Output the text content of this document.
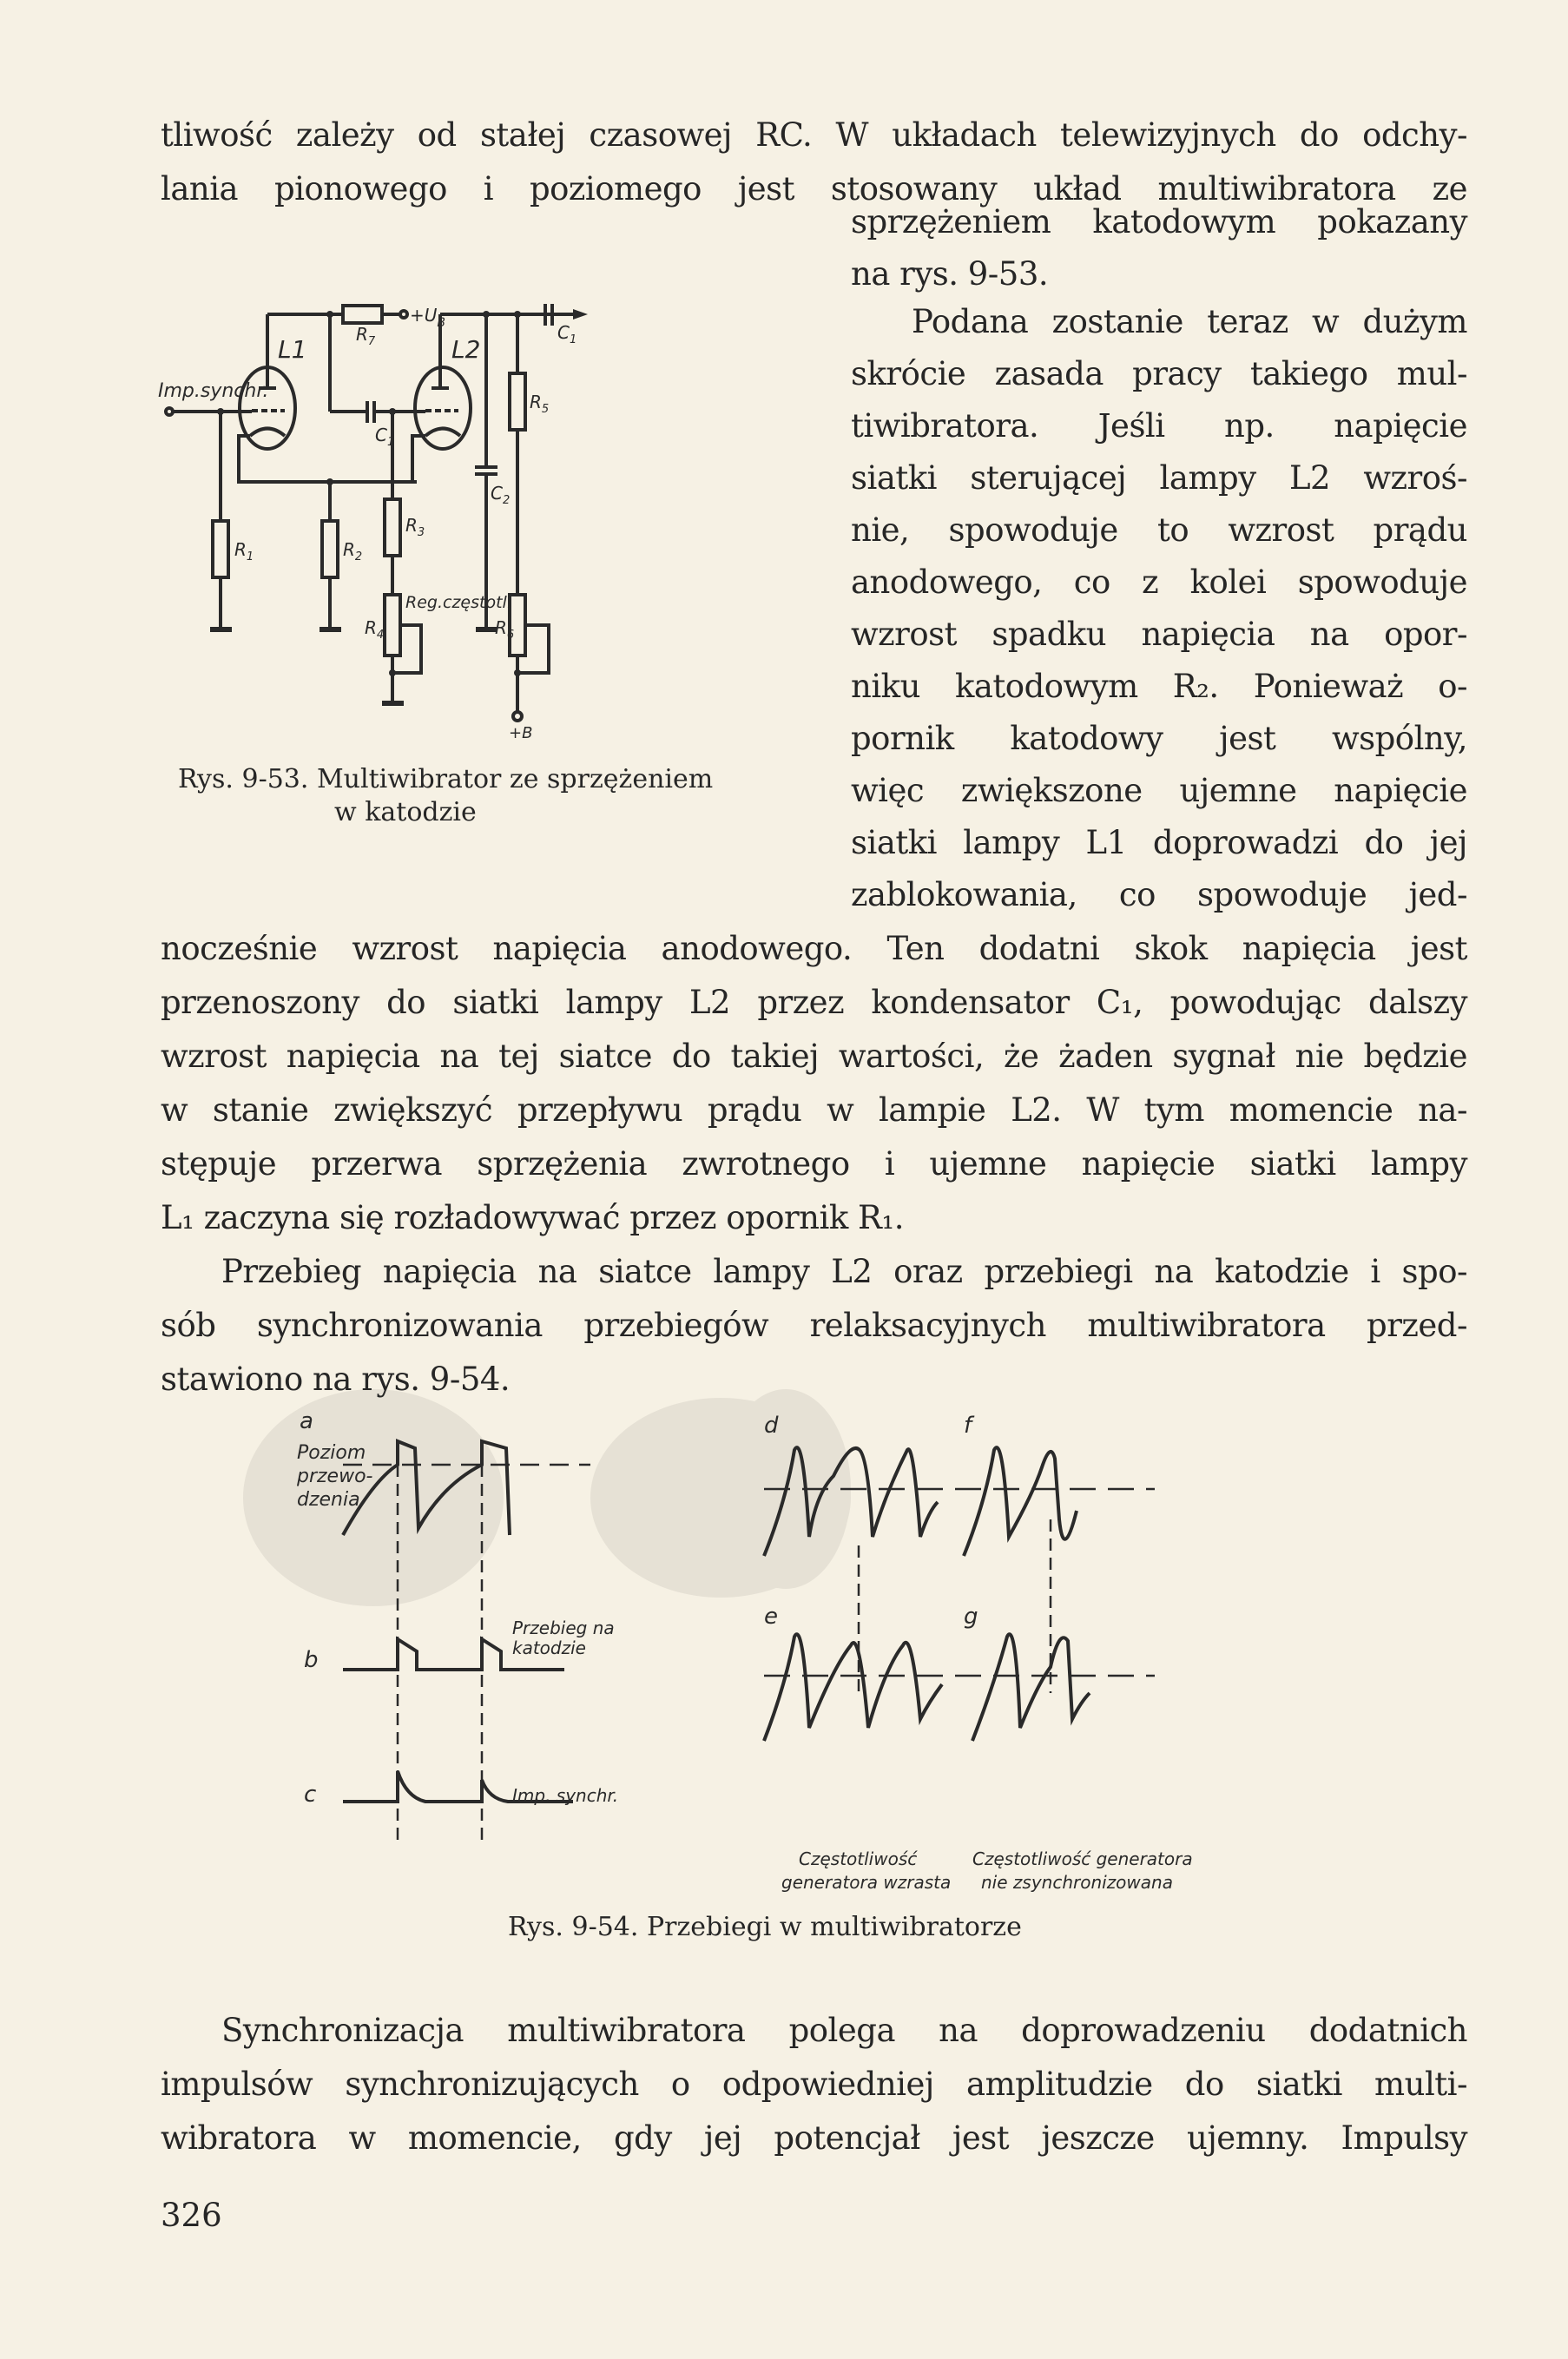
tliwość zależy od stałej czasowej RC. W układach telewizyjnych do odchy-
lania pionowego i poziomego jest stosowany układ multiwibratora ze
sprzężeniem katodowym pokazany
na rys. 9-53.
Podana zostanie teraz w dużym
skrócie zasada pracy takiego mul-
tiwibratora. Jeśli np. napięcie
siatki sterującej lampy L2 wzroś-
nie, spowoduje to wzrost prądu
anodowego, co z kolei spowoduje
wzrost spadku napięcia na opor-
niku katodowym R₂. Ponieważ o-
pornik katodowy jest wspólny,
więc zwiększone ujemne napięcie
siatki lampy L1 doprowadzi do jej
zablokowania, co spowoduje jed-
Rys. 9-53. Multiwibrator ze sprzężeniem
w katodzie
Imp.synchr.
L1	L2
$+U_B$
$R_1$	$R_2$
$R_3$
$R_4$
$R_5$
$R_6$
$R_7$
$C_1$
$C_1$
$C_2$
Reg.częstotl.
+B
nocześnie wzrost napięcia anodowego. Ten dodatni skok napięcia jest
przenoszony do siatki lampy L2 przez kondensator C₁, powodując dalszy
wzrost napięcia na tej siatce do takiej wartości, że żaden sygnał nie będzie
w stanie zwiększyć przepływu prądu w lampie L2. W tym momencie na-
stępuje przerwa sprzężenia zwrotnego i ujemne napięcie siatki lampy
L₁ zaczyna się rozładowywać przez opornik R₁.
Przebieg napięcia na siatce lampy L2 oraz przebiegi na katodzie i spo-
sób synchronizowania przebiegów relaksacyjnych multiwibratora przed-
stawiono na rys. 9-54.
a
Poziom
przewo-
dzenia
b
Przebieg na
katodzie
c	Imp. synchr.
d	f
e	g
Częstotliwość
generatora wzrasta
Częstotliwość generatora
nie zsynchronizowana
Rys. 9-54. Przebiegi w multiwibratorze
Synchronizacja multiwibratora polega na doprowadzeniu dodatnich
impulsów synchronizujących o odpowiedniej amplitudzie do siatki multi-
wibratora w momencie, gdy jej potencjał jest jeszcze ujemny. Impulsy
326
